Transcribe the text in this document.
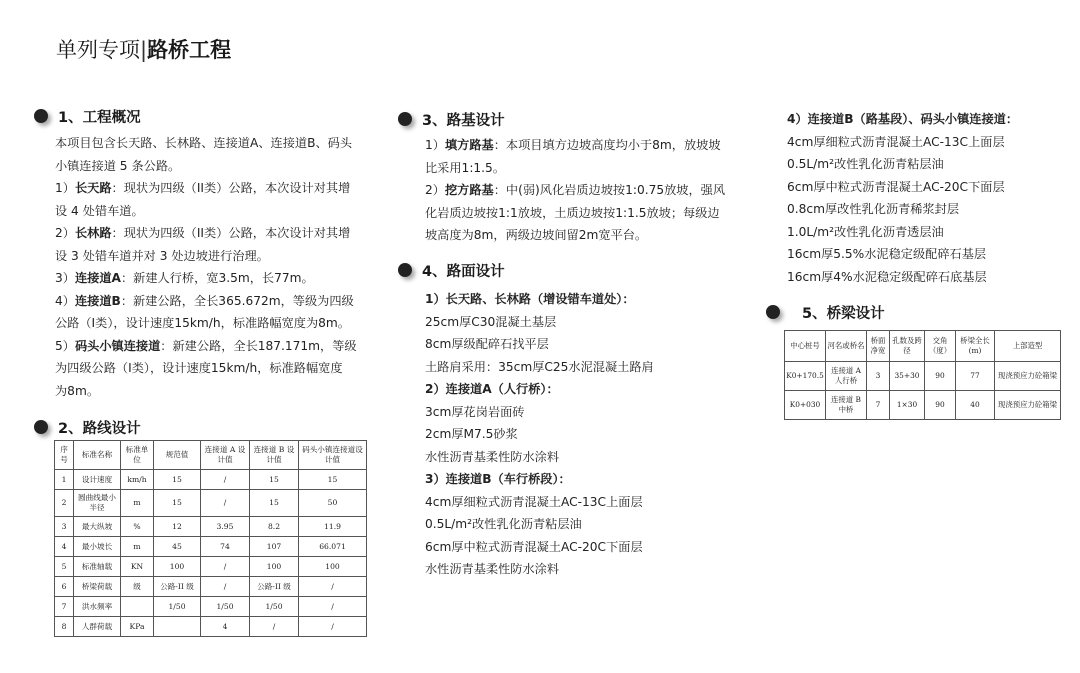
单列专项|路桥工程
1、工程概况
本项目包含长天路、长林路、连接道A、连接道B、码头
小镇连接道 5 条公路。
1）长天路：现状为四级（II类）公路，本次设计对其增
设 4 处错车道。
2）长林路：现状为四级（II类）公路，本次设计对其增
设 3 处错车道并对 3 处边坡进行治理。
3）连接道A：新建人行桥，宽3.5m，长77m。
4）连接道B：新建公路，全长365.672m，等级为四级
公路（I类），设计速度15km/h，标准路幅宽度为8m。
5）码头小镇连接道：新建公路，全长187.171m，等级
为四级公路（I类），设计速度15km/h，标准路幅宽度
为8m。
2、路线设计
序号	标准名称	标准单位	规范值	连接道 A 设计值	连接道 B 设计值	码头小镇连接道设计值
1	设计速度	km/h	15	/	15	15
2	圆曲线最小半径	m	15	/	15	50
3	最大纵坡	%	12	3.95	8.2	11.9
4	最小坡长	m	45	74	107	66.071
5	标准轴载	KN	100	/	100	100
6	桥梁荷载	级	公路-II 级	/	公路-II 级	/
7	洪水频率		1/50	1/50	1/50	/
8	人群荷载	KPa		4	/	/
3、路基设计
1）填方路基：本项目填方边坡高度均小于8m，放坡坡
比采用1:1.5。
2）挖方路基：中(弱)风化岩质边坡按1:0.75放坡，强风
化岩质边坡按1:1放坡，土质边坡按1:1.5放坡；每级边
坡高度为8m，两级边坡间留2m宽平台。
4、路面设计
1）长天路、长林路（增设错车道处）：
25cm厚C30混凝土基层
8cm厚级配碎石找平层
土路肩采用：35cm厚C25水泥混凝土路肩
2）连接道A（人行桥）：
3cm厚花岗岩面砖
2cm厚M7.5砂浆
水性沥青基柔性防水涂料
3）连接道B（车行桥段）：
4cm厚细粒式沥青混凝土AC-13C上面层
0.5L/m²改性乳化沥青粘层油
6cm厚中粒式沥青混凝土AC-20C下面层
水性沥青基柔性防水涂料
4）连接道B（路基段）、码头小镇连接道：
4cm厚细粒式沥青混凝土AC-13C上面层
0.5L/m²改性乳化沥青粘层油
6cm厚中粒式沥青混凝土AC-20C下面层
0.8cm厚改性乳化沥青稀浆封层
1.0L/m²改性乳化沥青透层油
16cm厚5.5%水泥稳定级配碎石基层
16cm厚4%水泥稳定级配碎石底基层
5、桥梁设计
中心桩号	河名或桥名	桥面净宽	孔数及跨径	交角（度）	桥梁全长(m)	上部造型
K0+170.5	连接道 A 人行桥	3	35+30	90	77	现浇预应力砼箱梁
K0+030	连接道 B 中桥	7	1×30	90	40	现浇预应力砼箱梁
